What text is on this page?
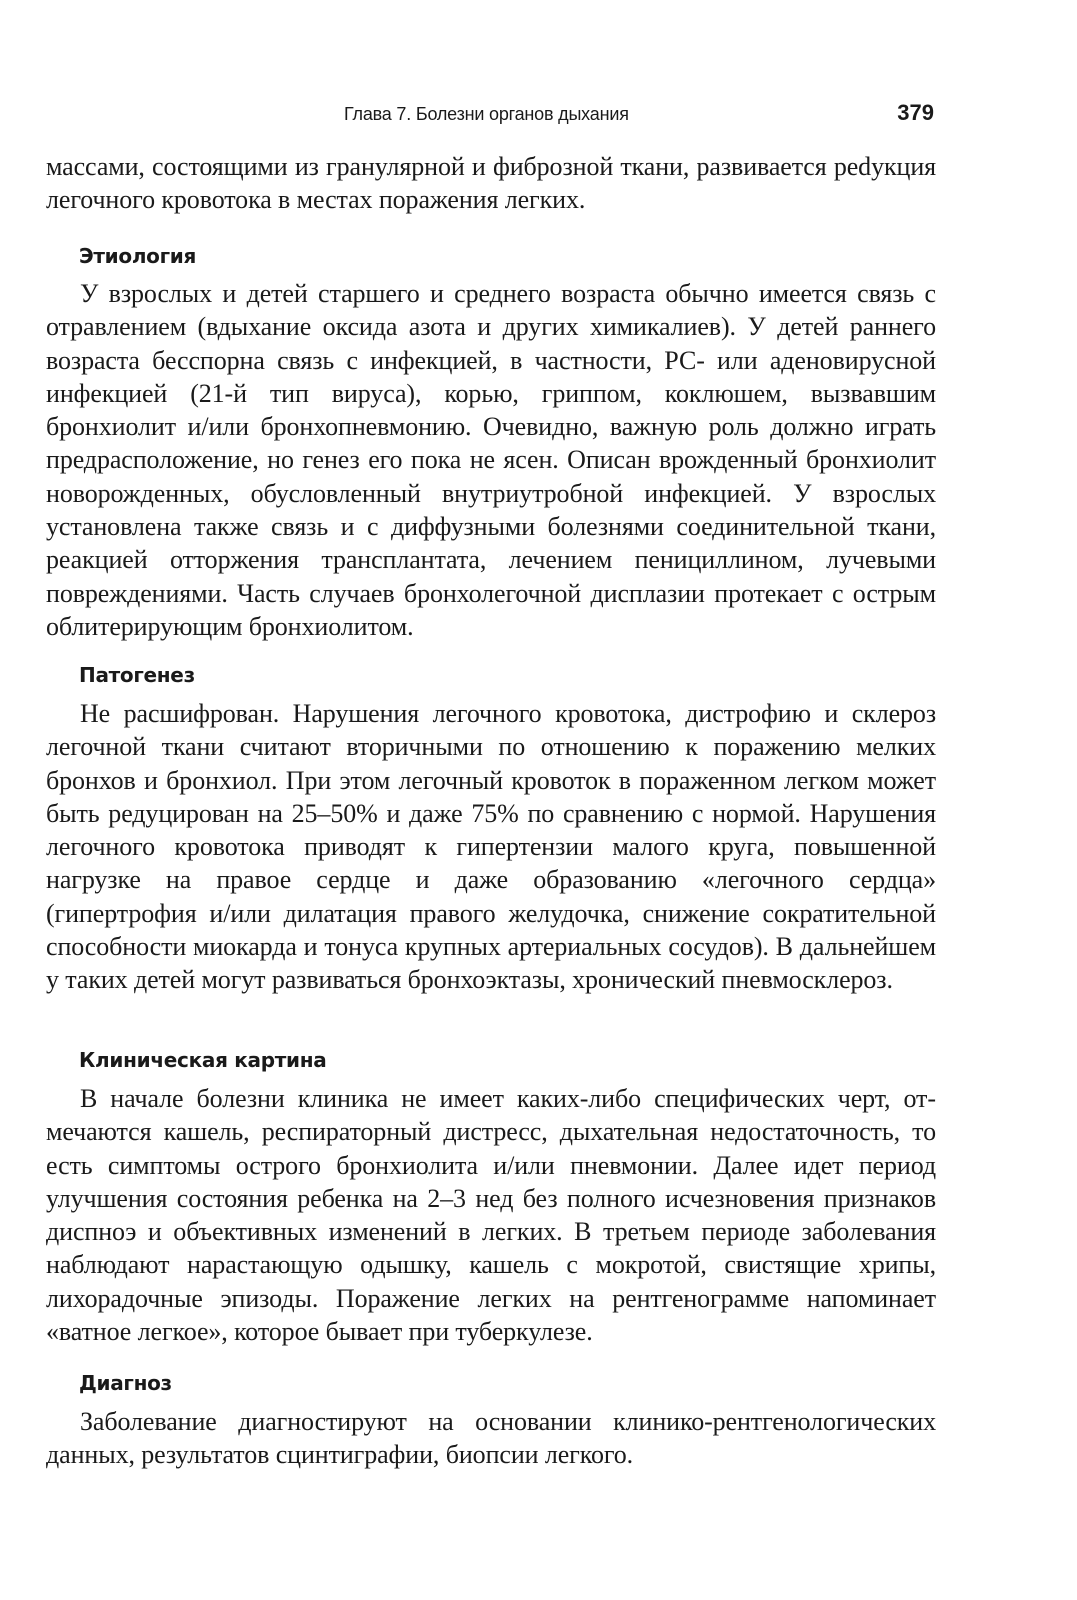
Глава 7. Болезни органов дыхания	379

массами, состоящими из гранулярной и фиброзной ткани, развивается реdукция легочного кровотока в местах поражения легких.

Этиология

У взрослых и детей старшего и среднего возраста обычно имеется связь с отравлением (вдыхание оксида азота и других химикалиев). У детей раннего возраста бесспорна связь с инфекцией, в частности, РС- или аденовирусной инфекцией (21-й тип вируса), корью, гриппом, коклюшем, вызвавшим бронхиолит и/или бронхопневмонию. Очевидно, важную роль должно играть предрасположение, но генез его пока не ясен. Описан врожденный бронхиолит новорожденных, обусловленный внутриутробной инфекцией. У взрослых установлена также связь и с диффузными болезнями соединительной ткани, реакцией отторжения трансплантата, лечением пенициллином, лучевыми повреждениями. Часть случаев бронхолегочной дисплазии протекает с острым облитерирующим бронхиолитом.

Патогенез

Не расшифрован. Нарушения легочного кровотока, дистрофию и склероз легочной ткани считают вторичными по отношению к поражению мелких бронхов и бронхиол. При этом легочный кровоток в пораженном легком может быть редуцирован на 25–50% и даже 75% по сравнению с нормой. Нарушения легочного кровотока приводят к гипертензии малого круга, повышенной нагрузке на правое сердце и даже образованию «легочного сердца» (гипертрофия и/или дилатация правого желудочка, снижение сократительной способности миокарда и тонуса крупных артериальных сосудов). В дальнейшем у таких детей могут развиваться бронхоэктазы, хронический пневмосклероз.

Клиническая картина

В начале болезни клиника не имеет каких-либо специфических черт, отмечаются кашель, респираторный дистресс, дыхательная недостаточность, то есть симптомы острого бронхиолита и/или пневмонии. Далее идет период улучшения состояния ребенка на 2–3 нед без полного исчезновения признаков диспноэ и объективных изменений в легких. В третьем периоде заболевания наблюдают нарастающую одышку, кашель с мокротой, свистящие хрипы, лихорадочные эпизоды. Поражение легких на рентгенограмме напоминает «ватное легкое», которое бывает при туберкулезе.

Диагноз

Заболевание диагностируют на основании клинико-рентгенологических данных, результатов сцинтиграфии, биопсии легкого.
